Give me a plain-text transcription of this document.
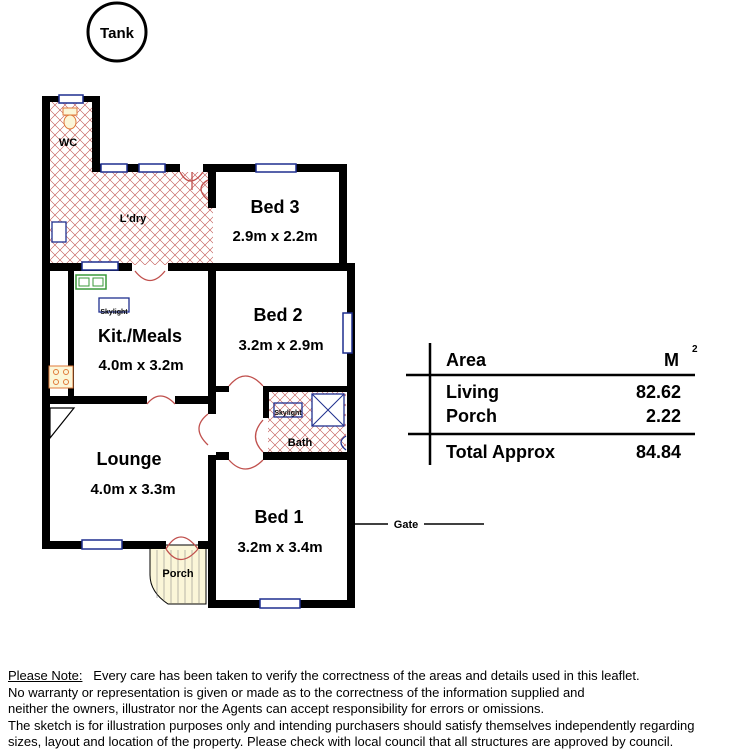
Tank
WC
L'dry
Bed 3
2.9m x 2.2m
Skylight
Kit./Meals
4.0m x 3.2m
Bed 2
3.2m x 2.9m
Skylight
Bath
Lounge
4.0m x 3.3m
Bed 1
3.2m x 3.4m
Porch
Gate
Area	M
2
Living	82.62
Porch	2.22
Total Approx	84.84

Please Note: Every care has been taken to verify the correctness of the areas and details used in this leaflet.

No warranty or representation is given or made as to the correctness of the information supplied and

neither the owners, illustrator nor the Agents can accept responsibility for errors or omissions.

The sketch is for illustration purposes only and intending purchasers should satisfy themselves independently regarding

sizes, layout and location of the property. Please check with local council that all structures are approved by council.
